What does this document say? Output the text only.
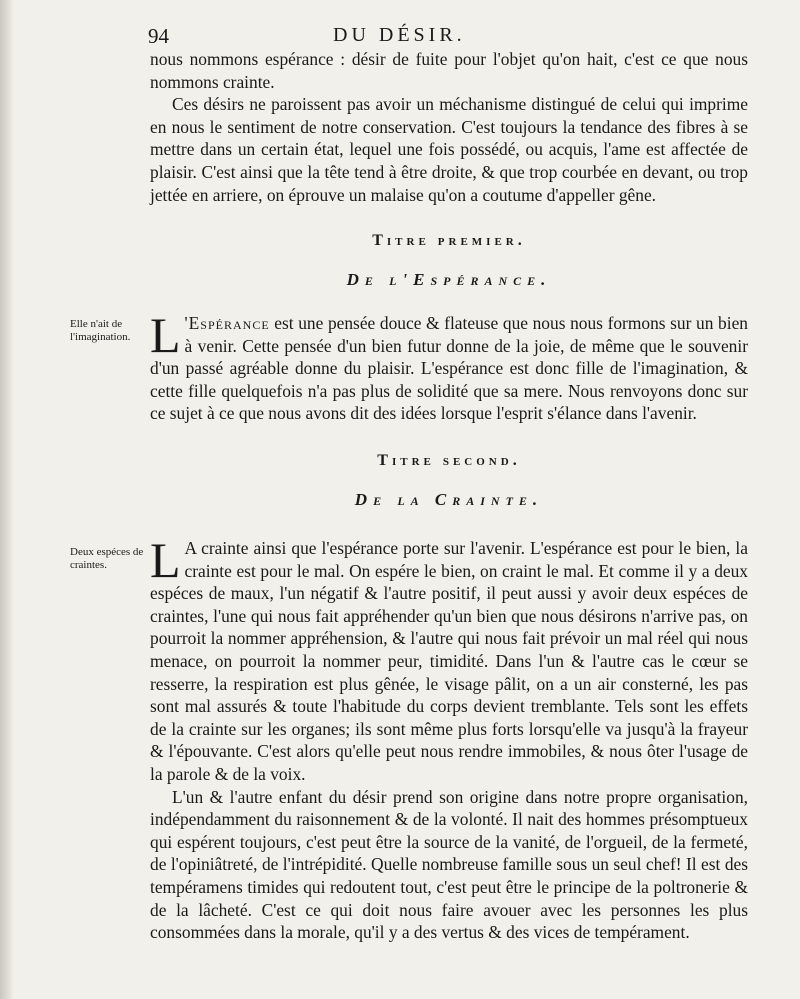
94	DU DÉSIR.

nous nommons espérance : désir de fuite pour l'objet qu'on hait, c'est ce que nous nommons crainte.

Ces désirs ne paroissent pas avoir un méchanisme distingué de celui qui imprime en nous le sentiment de notre conservation. C'est toujours la tendance des fibres à se mettre dans un certain état, lequel une fois possédé, ou acquis, l'ame est affectée de plaisir. C'est ainsi que la tête tend à être droite, & que trop courbée en devant, ou trop jettée en arriere, on éprouve un malaise qu'on a coutume d'appeller gêne.

Titre premier.
De l'Espérance.

Elle n'ait de l'imagination. L 'Espérance est une pensée douce & flateuse que nous nous formons sur un bien à venir. Cette pensée d'un bien futur donne de la joie, de même que le souvenir d'un passé agréable donne du plaisir. L'espérance est donc fille de l'imagination, & cette fille quelquefois n'a pas plus de solidité que sa mere. Nous renvoyons donc sur ce sujet à ce que nous avons dit des idées lorsque l'esprit s'élance dans l'avenir.

Titre second.
De la Crainte.

Deux espéces de craintes. L A crainte ainsi que l'espérance porte sur l'avenir. L'espérance est pour le bien, la crainte est pour le mal. On espére le bien, on craint le mal. Et comme il y a deux espéces de maux, l'un négatif & l'autre positif, il peut aussi y avoir deux espéces de craintes, l'une qui nous fait appréhender qu'un bien que nous désirons n'arrive pas, on pourroit la nommer appréhension, & l'autre qui nous fait prévoir un mal réel qui nous menace, on pourroit la nommer peur, timidité. Dans l'un & l'autre cas le cœur se resserre, la respiration est plus gênée, le visage pâlit, on a un air consterné, les pas sont mal assurés & toute l'habitude du corps devient tremblante. Tels sont les effets de la crainte sur les organes; ils sont même plus forts lorsqu'elle va jusqu'à la frayeur & l'épouvante. C'est alors qu'elle peut nous rendre immobiles, & nous ôter l'usage de la parole & de la voix.

L'un & l'autre enfant du désir prend son origine dans notre propre organisation, indépendamment du raisonnement & de la volonté. Il nait des hommes présomptueux qui espérent toujours, c'est peut être la source de la vanité, de l'orgueil, de la fermeté, de l'opiniâtreté, de l'intrépidité. Quelle nombreuse famille sous un seul chef! Il est des tempéramens timides qui redoutent tout, c'est peut être le principe de la poltronerie & de la lâcheté. C'est ce qui doit nous faire avouer avec les personnes les plus consommées dans la morale, qu'il y a des vertus & des vices de tempérament.
